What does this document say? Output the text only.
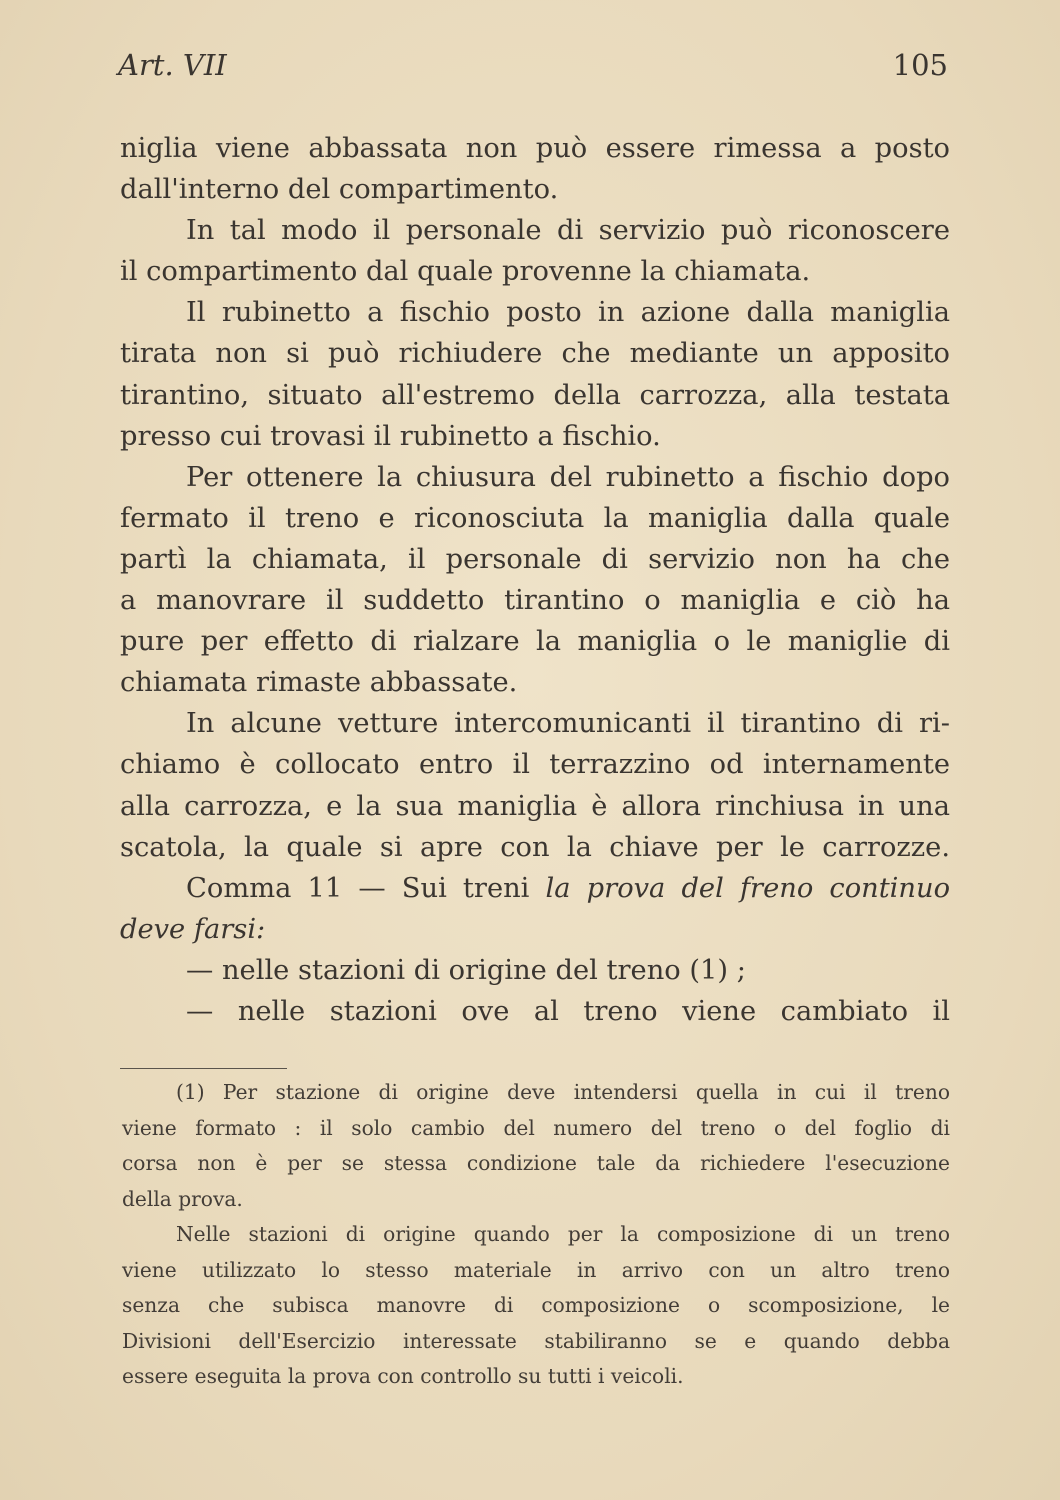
Art. VII	105
niglia viene abbassata non può essere rimessa a posto
dall'interno del compartimento.
In tal modo il personale di servizio può riconoscere
il compartimento dal quale provenne la chiamata.
Il rubinetto a fischio posto in azione dalla maniglia
tirata non si può richiudere che mediante un apposito
tirantino, situato all'estremo della carrozza, alla testata
presso cui trovasi il rubinetto a fischio.
Per ottenere la chiusura del rubinetto a fischio dopo
fermato il treno e riconosciuta la maniglia dalla quale
partì la chiamata, il personale di servizio non ha che
a manovrare il suddetto tirantino o maniglia e ciò ha
pure per effetto di rialzare la maniglia o le maniglie di
chiamata rimaste abbassate.
In alcune vetture intercomunicanti il tirantino di ri-
chiamo è collocato entro il terrazzino od internamente
alla carrozza, e la sua maniglia è allora rinchiusa in una
scatola, la quale si apre con la chiave per le carrozze.
Comma 11 — Sui treni la prova del freno continuo
deve farsi:
— nelle stazioni di origine del treno (1) ;
— nelle stazioni ove al treno viene cambiato il
(1) Per stazione di origine deve intendersi quella in cui il treno
viene formato : il solo cambio del numero del treno o del foglio di
corsa non è per se stessa condizione tale da richiedere l'esecuzione
della prova.
Nelle stazioni di origine quando per la composizione di un treno
viene utilizzato lo stesso materiale in arrivo con un altro treno
senza che subisca manovre di composizione o scomposizione, le
Divisioni dell'Esercizio interessate stabiliranno se e quando debba
essere eseguita la prova con controllo su tutti i veicoli.
